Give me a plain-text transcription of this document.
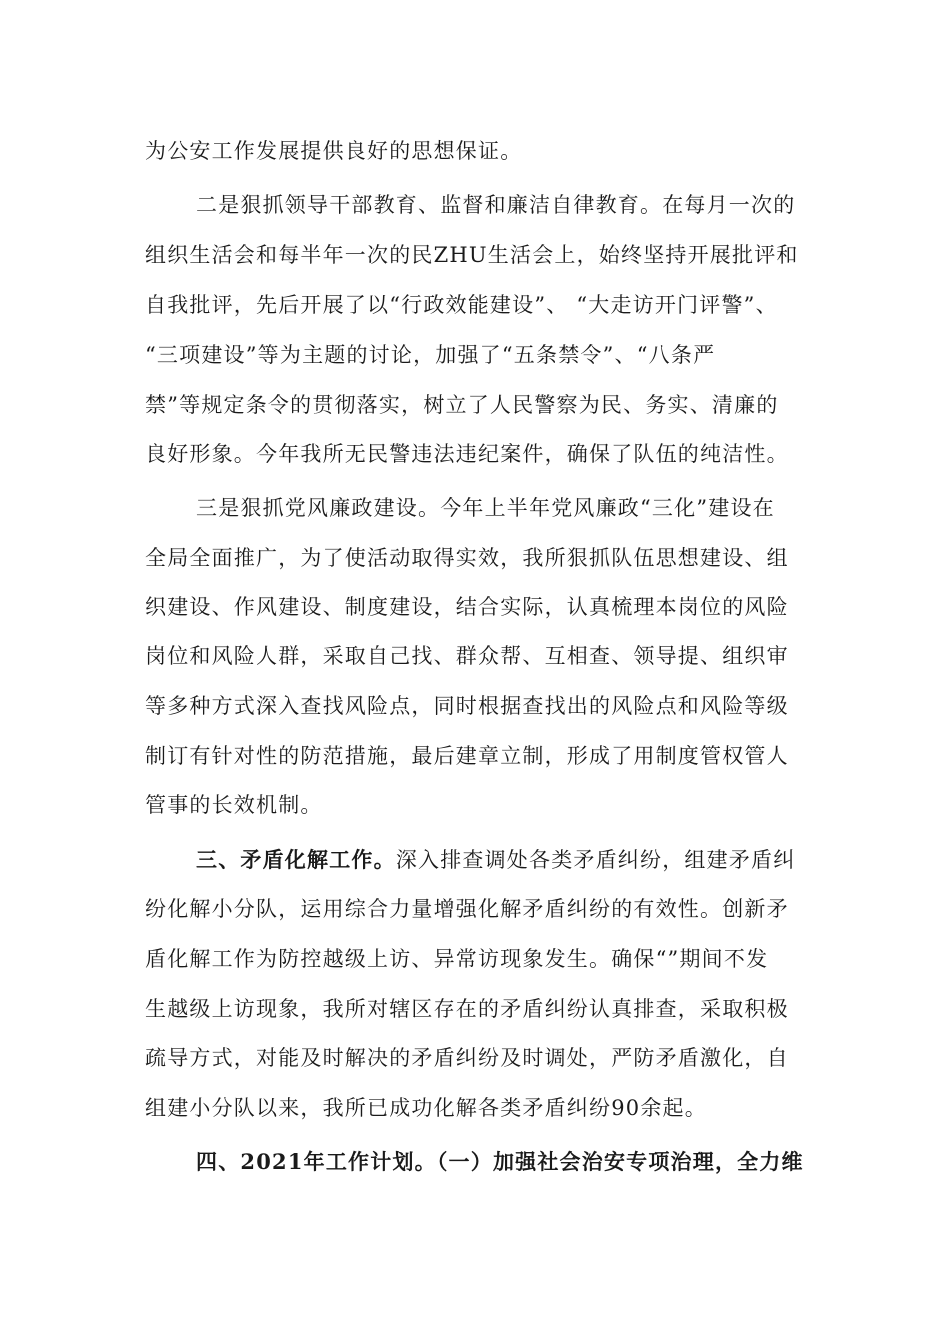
为公安工作发展提供良好的思想保证。
二是狠抓领导干部教育、监督和廉洁自律教育。在每月一次的
组织生活会和每半年一次的民ZHU生活会上，始终坚持开展批评和
自我批评，先后开展了以“行政效能建设”、 “大走访开门评警”、
“三项建设”等为主题的讨论，加强了“五条禁令”、“八条严
禁”等规定条令的贯彻落实，树立了人民警察为民、务实、清廉的
良好形象。今年我所无民警违法违纪案件，确保了队伍的纯洁性。
三是狠抓党风廉政建设。今年上半年党风廉政“三化”建设在
全局全面推广，为了使活动取得实效，我所狠抓队伍思想建设、组
织建设、作风建设、制度建设，结合实际，认真梳理本岗位的风险
岗位和风险人群，采取自己找、群众帮、互相查、领导提、组织审
等多种方式深入查找风险点，同时根据查找出的风险点和风险等级
制订有针对性的防范措施，最后建章立制，形成了用制度管权管人
管事的长效机制。
三、矛盾化解工作。深入排查调处各类矛盾纠纷，组建矛盾纠
纷化解小分队，运用综合力量增强化解矛盾纠纷的有效性。创新矛
盾化解工作为防控越级上访、异常访现象发生。确保“”期间不发
生越级上访现象，我所对辖区存在的矛盾纠纷认真排查，采取积极
疏导方式，对能及时解决的矛盾纠纷及时调处，严防矛盾激化，自
组建小分队以来，我所已成功化解各类矛盾纠纷90余起。
四、2021年工作计划。（一）加强社会治安专项治理，全力维
